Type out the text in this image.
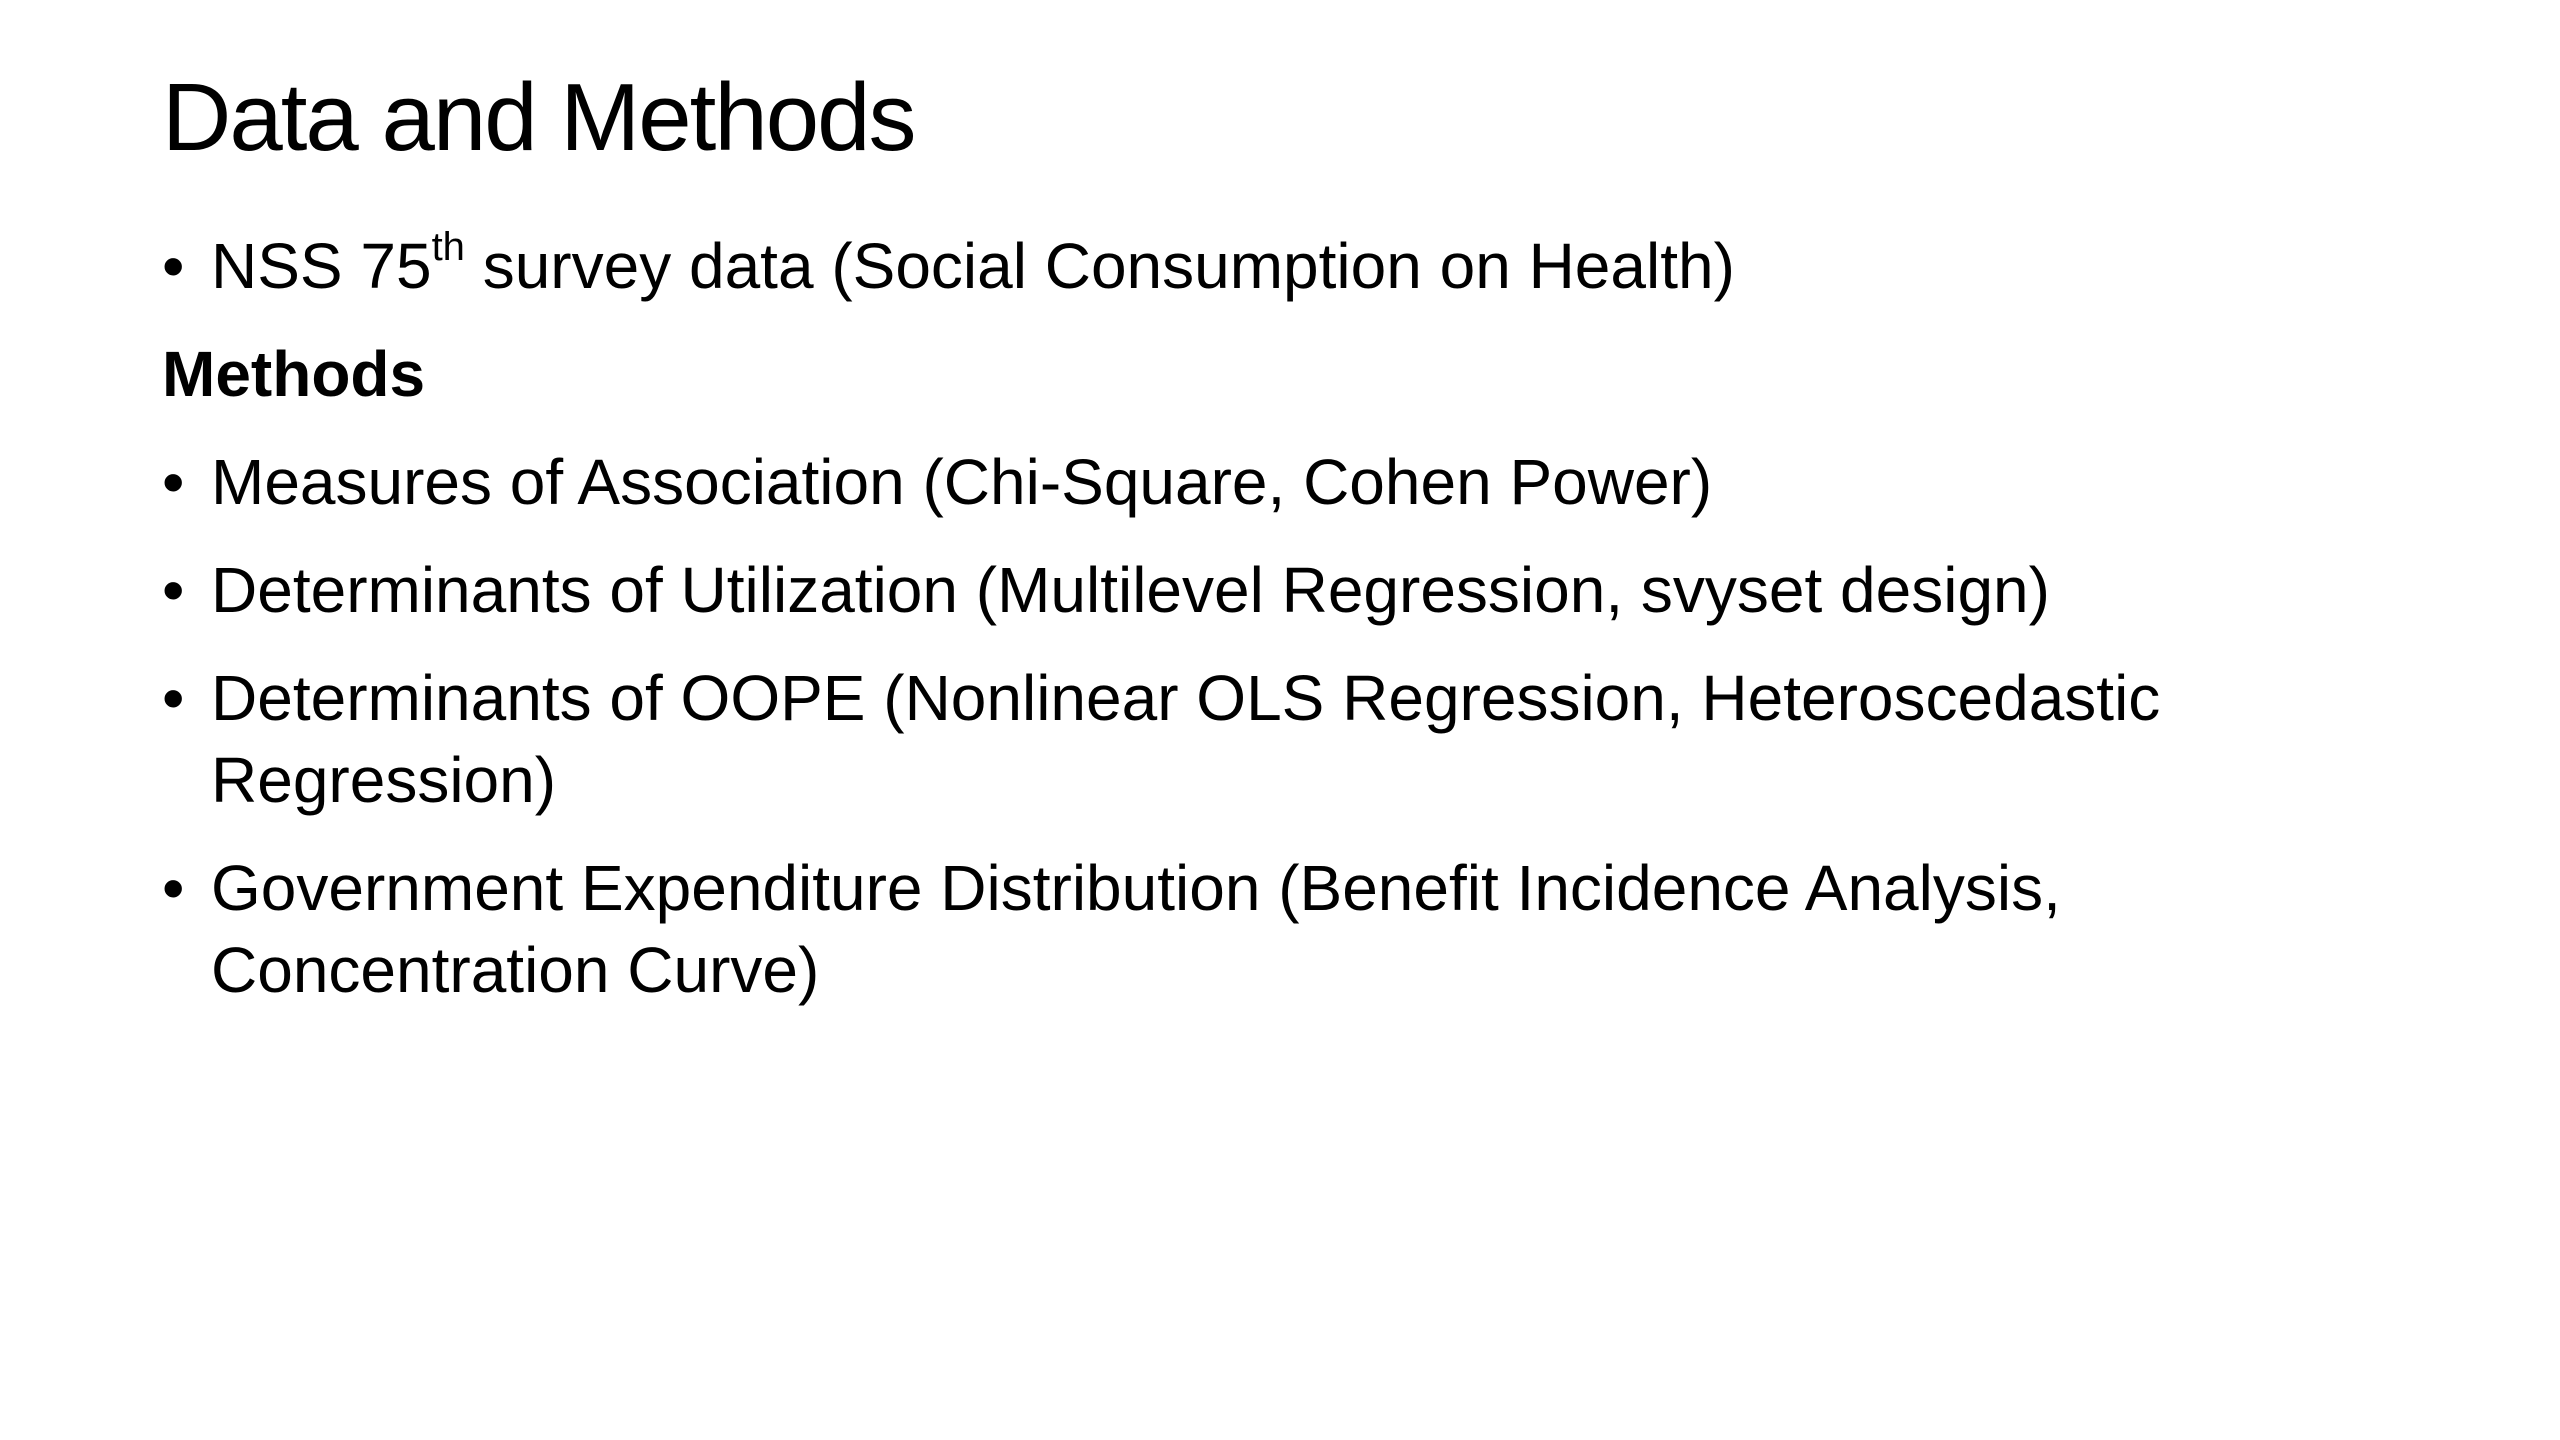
Data and Methods
• NSS 75th survey data (Social Consumption on Health)
Methods
• Measures of Association (Chi-Square, Cohen Power)
• Determinants of Utilization (Multilevel Regression, svyset design)
• Determinants of OOPE (Nonlinear OLS Regression, Heteroscedastic Regression)
• Government Expenditure Distribution (Benefit Incidence Analysis, Concentration Curve)
